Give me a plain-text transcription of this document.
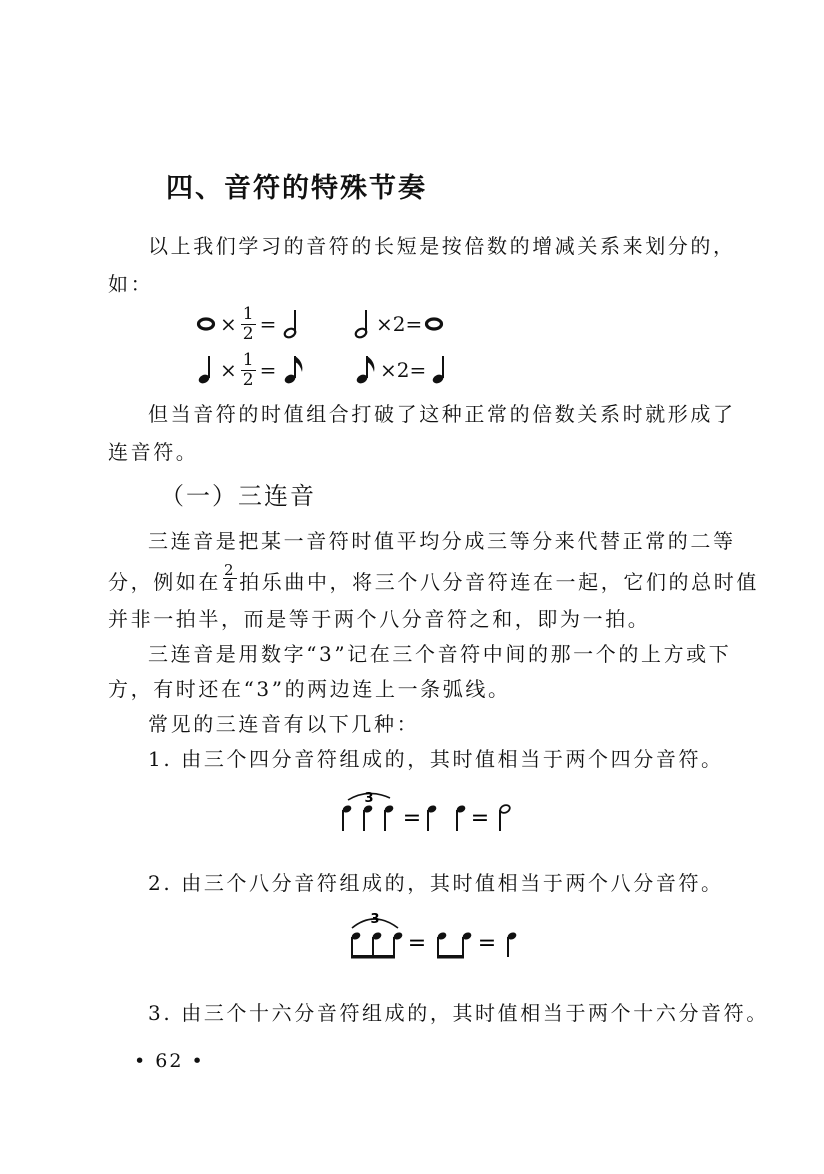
四、音符的特殊节奏
以上我们学习的音符的长短是按倍数的增减关系来划分的，
如：
× $\frac{1}{2}$ =	×2 =
× $\frac{1}{2}$ =	×2 =
但当音符的时值组合打破了这种正常的倍数关系时就形成了
连音符。
（一）三连音
三连音是把某一音符时值平均分成三等分来代替正常的二等
分，例如在
2
4 拍乐曲中，将三个八分音符连在一起，它们的总时值
并非一拍半，而是等于两个八分音符之和，即为一拍。
三连音是用数字“3”记在三个音符中间的那一个的上方或下
方，有时还在“3”的两边连上一条弧线。
常见的三连音有以下几种：
1. 由三个四分音符组成的，其时值相当于两个四分音符。
3
= =
2. 由三个八分音符组成的，其时值相当于两个八分音符。
3
= =
3. 由三个十六分音符组成的，其时值相当于两个十六分音符。
• 62 •
